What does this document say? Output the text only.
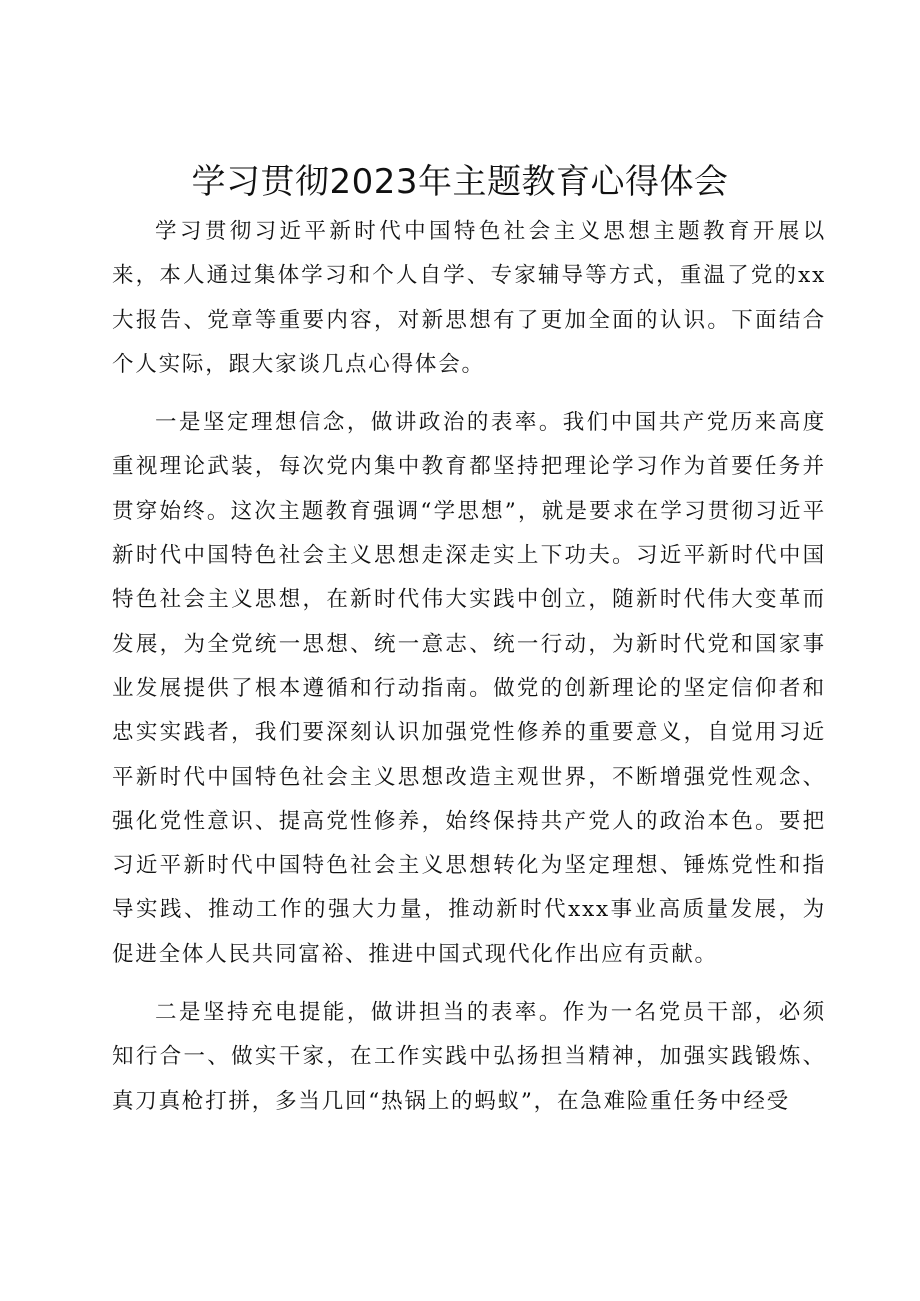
学习贯彻2023年主题教育心得体会

学习贯彻习近平新时代中国特色社会主义思想主题教育开展以来，本人通过集体学习和个人自学、专家辅导等方式，重温了党的xx大报告、党章等重要内容，对新思想有了更加全面的认识。下面结合个人实际，跟大家谈几点心得体会。

一是坚定理想信念，做讲政治的表率。我们中国共产党历来高度重视理论武装，每次党内集中教育都坚持把理论学习作为首要任务并贯穿始终。这次主题教育强调“学思想”，就是要求在学习贯彻习近平新时代中国特色社会主义思想走深走实上下功夫。习近平新时代中国特色社会主义思想，在新时代伟大实践中创立，随新时代伟大变革而发展，为全党统一思想、统一意志、统一行动，为新时代党和国家事业发展提供了根本遵循和行动指南。做党的创新理论的坚定信仰者和忠实实践者，我们要深刻认识加强党性修养的重要意义，自觉用习近平新时代中国特色社会主义思想改造主观世界，不断增强党性观念、强化党性意识、提高党性修养，始终保持共产党人的政治本色。要把习近平新时代中国特色社会主义思想转化为坚定理想、锤炼党性和指导实践、推动工作的强大力量，推动新时代xxx事业高质量发展，为促进全体人民共同富裕、推进中国式现代化作出应有贡献。

二是坚持充电提能，做讲担当的表率。作为一名党员干部，必须知行合一、做实干家，在工作实践中弘扬担当精神，加强实践锻炼、真刀真枪打拼，多当几回“热锅上的蚂蚁”，在急难险重任务中经受
